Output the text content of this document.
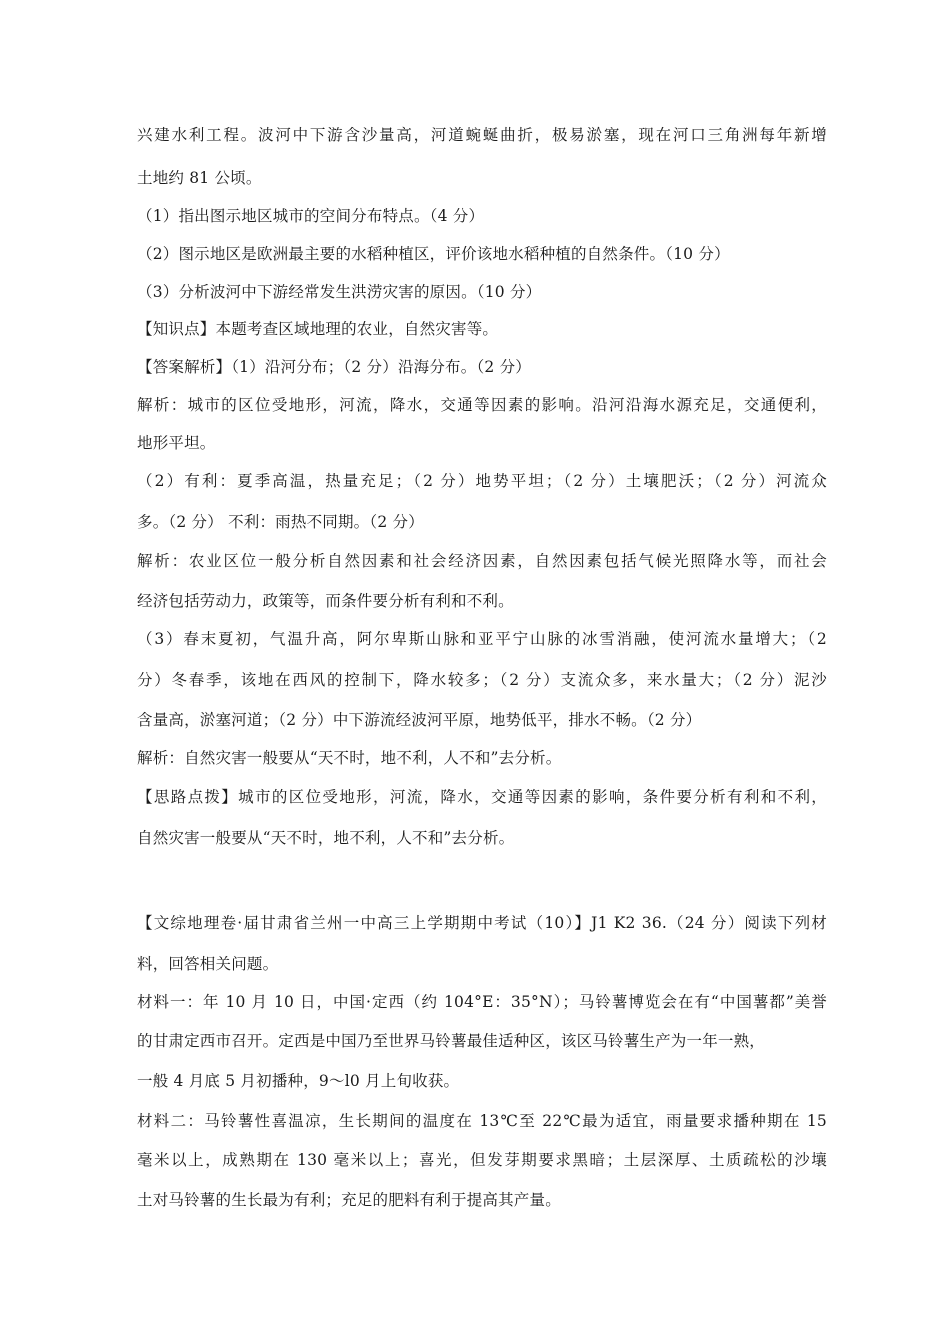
兴建水利工程。波河中下游含沙量高，河道蜿蜒曲折，极易淤塞，现在河口三角洲每年新增
土地约 81 公顷。
（1）指出图示地区城市的空间分布特点。（4 分）
（2）图示地区是欧洲最主要的水稻种植区，评价该地水稻种植的自然条件。（10 分）
（3）分析波河中下游经常发生洪涝灾害的原因。（10 分）
【知识点】本题考查区域地理的农业，自然灾害等。
【答案解析】（1）沿河分布；（2 分）沿海分布。（2 分）
解析：城市的区位受地形，河流，降水，交通等因素的影响。沿河沿海水源充足，交通便利，
地形平坦。
（2）有利：夏季高温，热量充足；（2 分）地势平坦；（2 分）土壤肥沃；（2 分）河流众
多。（2 分） 不利：雨热不同期。（2 分）
解析：农业区位一般分析自然因素和社会经济因素，自然因素包括气候光照降水等，而社会
经济包括劳动力，政策等，而条件要分析有利和不利。
（3）春末夏初，气温升高，阿尔卑斯山脉和亚平宁山脉的冰雪消融，使河流水量增大；（2
分）冬春季，该地在西风的控制下，降水较多；（2 分）支流众多，来水量大；（2 分）泥沙
含量高，淤塞河道；（2 分）中下游流经波河平原，地势低平，排水不畅。（2 分）
解析：自然灾害一般要从“天不时，地不利，人不和”去分析。
【思路点拨】城市的区位受地形，河流，降水，交通等因素的影响，条件要分析有利和不利，
自然灾害一般要从“天不时，地不利，人不和”去分析。
【文综地理卷·届甘肃省兰州一中高三上学期期中考试（10）】J1 K2 36.（24 分）阅读下列材
料，回答相关问题。
材料一：年 10 月 10 日，中国·定西（约 104°E：35°N）；马铃薯博览会在有“中国薯都”美誉
的甘肃定西市召开。定西是中国乃至世界马铃薯最佳适种区，该区马铃薯生产为一年一熟，
一般 4 月底 5 月初播种，9～l0 月上旬收获。
材料二：马铃薯性喜温凉，生长期间的温度在 13℃至 22℃最为适宜，雨量要求播种期在 15
毫米以上，成熟期在 130 毫米以上；喜光，但发芽期要求黑暗；土层深厚、土质疏松的沙壤
土对马铃薯的生长最为有利；充足的肥料有利于提高其产量。
